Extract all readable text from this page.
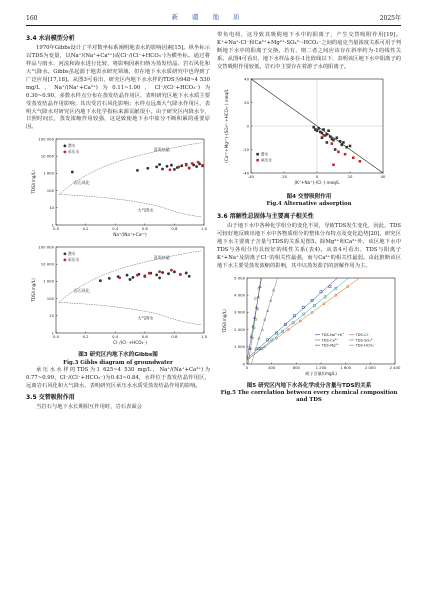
160	新 疆 地 质	2025年
3.4 水岩模型分析

1970年Gibbs设计了半对数坐标系阐明地表水的影响因素[15]。纵坐标示以TDS为变量，以Na⁺/(Na⁺+Ca²⁺)或Cl⁻/(Cl⁻+HCO₃⁻)为横坐标。通过将样品与雨水、河流和海水进行比较，将影响因素归纳为蒸发结晶、岩石风化和大气降水。Gibbs虽起源于地表水研究领域，但在地下水水质研究中也得到了广泛应用[17,18]。从图3可看出，研究区内地下水水样的TDS为948~4 530 mg/L，Na⁺/(Na⁺+Ca²⁺)为0.11~1.00，Cl⁻/(Cl⁻+HCO₃⁻)为0.30~0.90，多数水样点分布在蒸发结晶作用区，表明研究区地下水水质主要受蒸发结晶作用影响；其次受岩石风化影响；水样点远离大气降水作用区，表明大气降水对研究区内地下水化学指标来源贡献很小。由于研究区内降水少，日照时间长，蒸发浓缩作用较强，这是致使地下水中盐分不断积累的重要原因。

0.0	0.2	0.4	0.6	0.8	1.0
1
10
100
1 000
10 000
100 000
Na⁺/(Na⁺+Ca²⁺)
TDS/(mg/L)
蒸发结晶
岩石风化
大气降水
潜水
承压水
0.0	0.2	0.4	0.6	0.8	1.0
1
10
100
1 000
10 000
100 000
Cl⁻/(Cl⁻+HCO₃⁻)
TDS/(mg/L)
蒸发结晶
岩石风化
大气降水
潜水
承压水
图3 研究区内地下水的Gibbs图
Fig.3 Gibbs diagram of groundwater

承压水水样的TDS为1 625~4 530 mg/L，Na⁺/(Na⁺+Ca²⁺)为0.77~0.99，Cl⁻/(Cl⁻+HCO₃⁻)为0.43~0.84，水样位于蒸发结晶作用区，远离岩石风化和大气降水，表明研究区承压水水质受蒸发结晶作用的影响。

3.5 交替吸附作用

当岩石与地下水长期相互作用时，岩石表面会

带负电荷，这导致其吸附地下水中的阳离子，产生交替吸附作用[19]。K⁺+Na⁺-Cl⁻和Ca²⁺+Mg²⁺-SO₄²⁻-HCO₃⁻之间的毫克当量浓度关系可用于判断地下水中的阳离子交换，若有，则二者之间应该存在斜率约为-1的线性关系。从图4可看出，地下水样品多在-1比值线以下，表明该区地下水中阳离子的交替吸附作用较低，岩石中主要存在着游子水的阳离子。

-40	-20	0	20	40
-40
-20
0
20
40
(K⁺+Na⁺)-(Cl⁻) meq/L
(Ca²⁺+Mg²⁺)-(SO₄²⁻+HCO₃⁻) meq/L	潜水
承压水
图4 交替吸附作用
Fig.4 Alternative adsorption
3.6 溶解性总固体与主要离子相关性

由于地下水中各种化学组分的变化不同，导致TDS发生变化，因此，TDS可较好地反映出地下水中各物质组分的整体分布特点及变化趋势[20]。研究区地下水主要离子含量与TDS的关系见图5。除Mg²⁺和Ca²⁺外，该区地下水中TDS与各组分均具较好的线性关系(表4)。从表4可看出，TDS与阳离子K⁺+Na⁺及阴离子Cl⁻的相关性最强，而与Ca²⁺的相关性最弱。由此推断该区地下水主要受蒸发浓缩的影响，其中以蒸发盐岩的溶解作用为主。

0	400	800	1 200	1 600	2 000	2 400
0
1 000
2 000
3 000
4 000
5 000
离子含量/(mg/L)
TDS/(mg/L)
TDS-Na⁺+K⁺
TDS-Ca²⁺
TDS-Mg²⁺
TDS-Cl⁻
TDS-SO₄²⁻
TDS-HCO₃⁻
图5 研究区内地下水各化学成分含量与TDS的关系
Fig.5 The correlation between every chemical composition and TDS
